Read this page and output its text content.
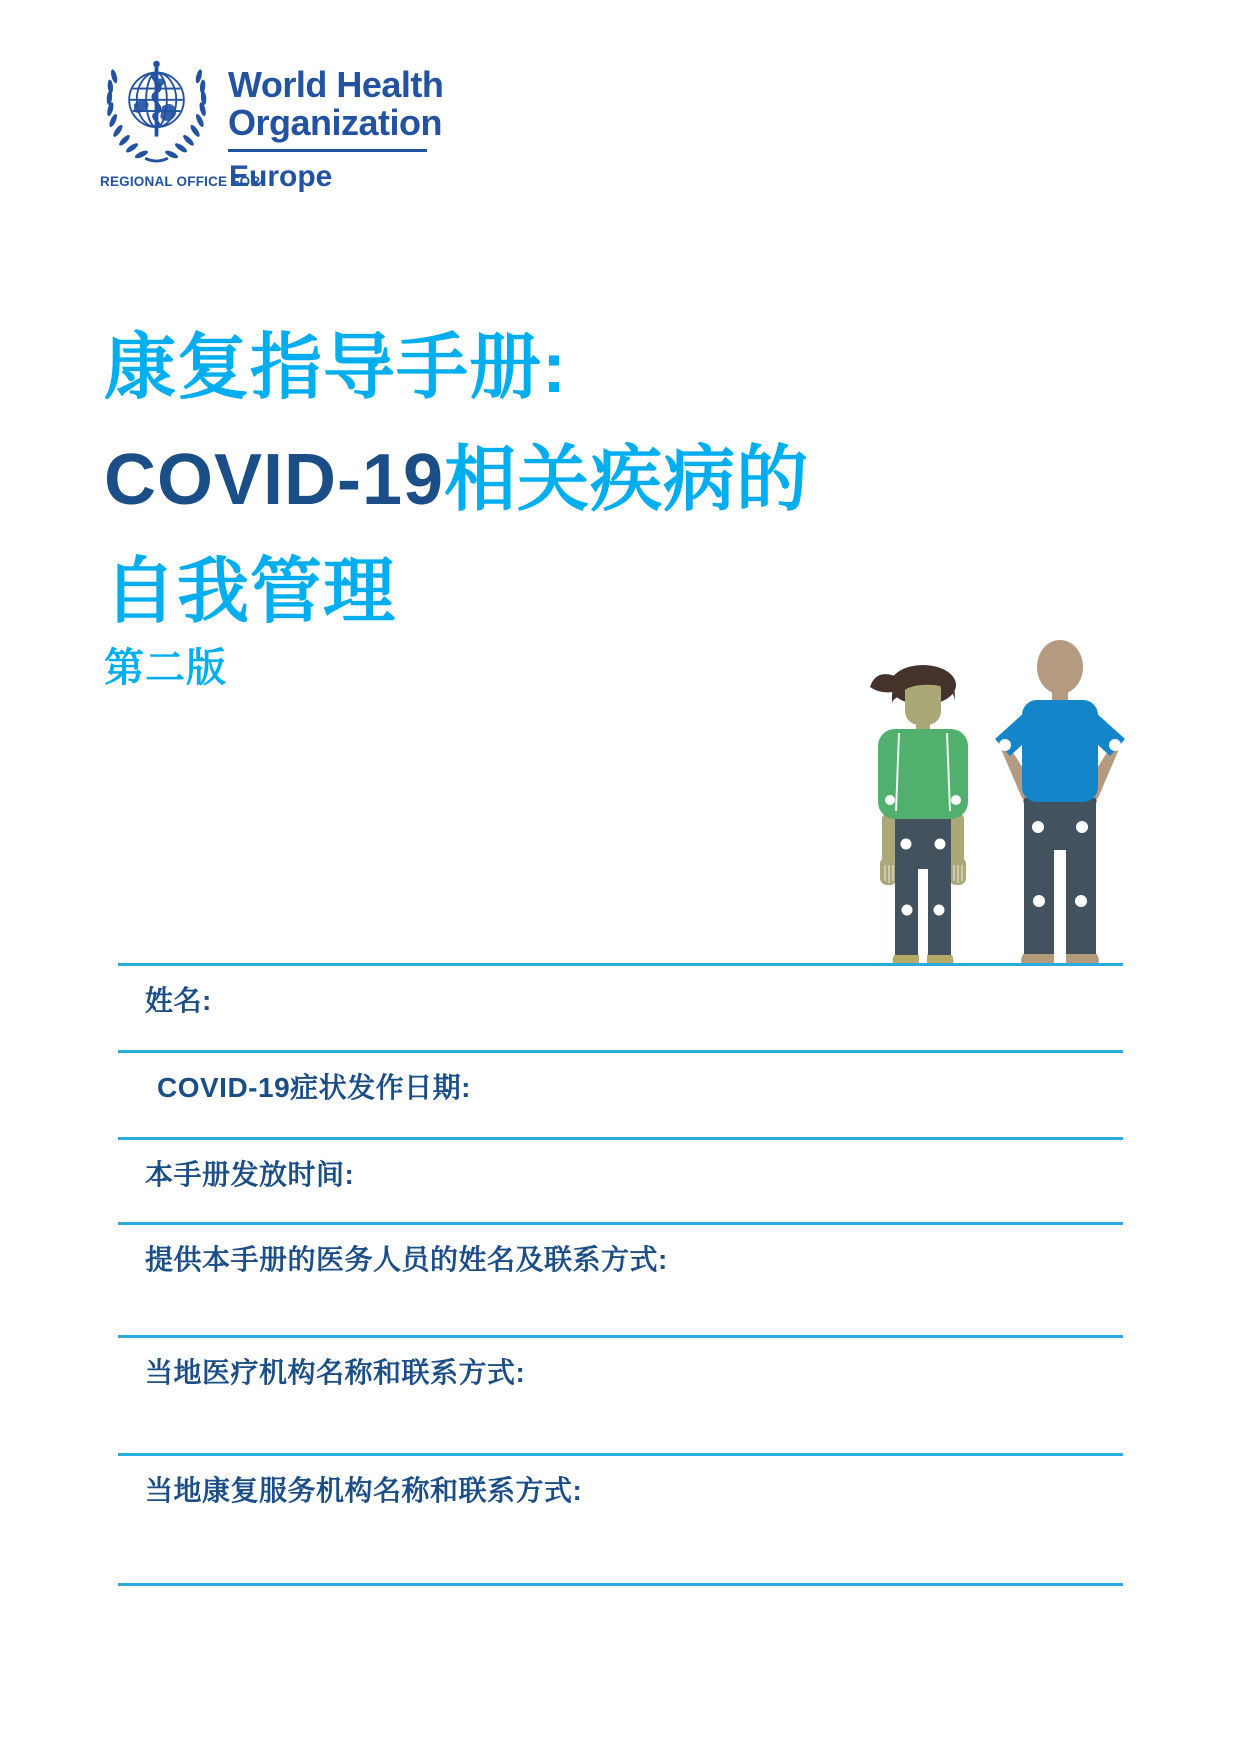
World Health
Organization
REGIONAL OFFICE FOR
Europe
康复指导手册:
COVID-19相关疾病的
自我管理
第二版
姓名:
COVID-19症状发作日期:
本手册发放时间:
提供本手册的医务人员的姓名及联系方式:
当地医疗机构名称和联系方式:
当地康复服务机构名称和联系方式:
